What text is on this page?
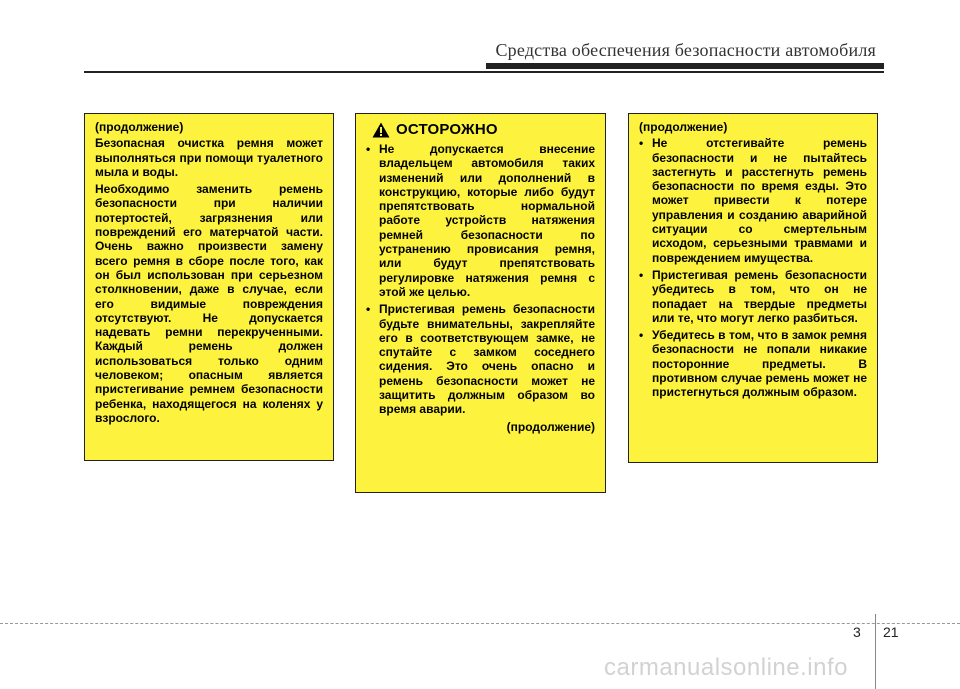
Средства обеспечения безопасности автомобиля
(продолжение)

Безопасная очистка ремня может выполняться при помощи туалетного мыла и воды.

Необходимо заменить ремень безопасности при наличии потертостей, загрязнения или повреждений его матерчатой части. Очень важно произвести замену всего ремня в сборе после того, как он был использован при серьезном столкновении, даже в случае, если его видимые повреждения отсутствуют. Не допускается надевать ремни перекрученными. Каждый ремень должен использоваться только одним человеком; опасным является пристегивание ремнем безопасности ребенка, находящегося на коленях у взрослого.

ОСТОРОЖНО
• Не допускается внесение владельцем автомобиля таких изменений или дополнений в конструкцию, которые либо будут препятствовать нормальной работе устройств натяжения ремней безопасности по устранению провисания ремня, или будут препятствовать регулировке натяжения ремня с этой же целью.
• Пристегивая ремень безопасности будьте внимательны, закрепляйте его в соответствующем замке, не спутайте с замком соседнего сидения. Это очень опасно и ремень безопасности может не защитить должным образом во время аварии.
(продолжение)
(продолжение)
• Не отстегивайте ремень безопасности и не пытайтесь застегнуть и расстегнуть ремень безопасности по время езды. Это может привести к потере управления и созданию аварийной ситуации со смертельным исходом, серьезными травмами и повреждением имущества.
• Пристегивая ремень безопасности убедитесь в том, что он не попадает на твердые предметы или те, что могут легко разбиться.
• Убедитесь в том, что в замок ремня безопасности не попали никакие посторонние предметы. В противном случае ремень может не пристегнуться должным образом.
3 21
carmanualsonline.info
